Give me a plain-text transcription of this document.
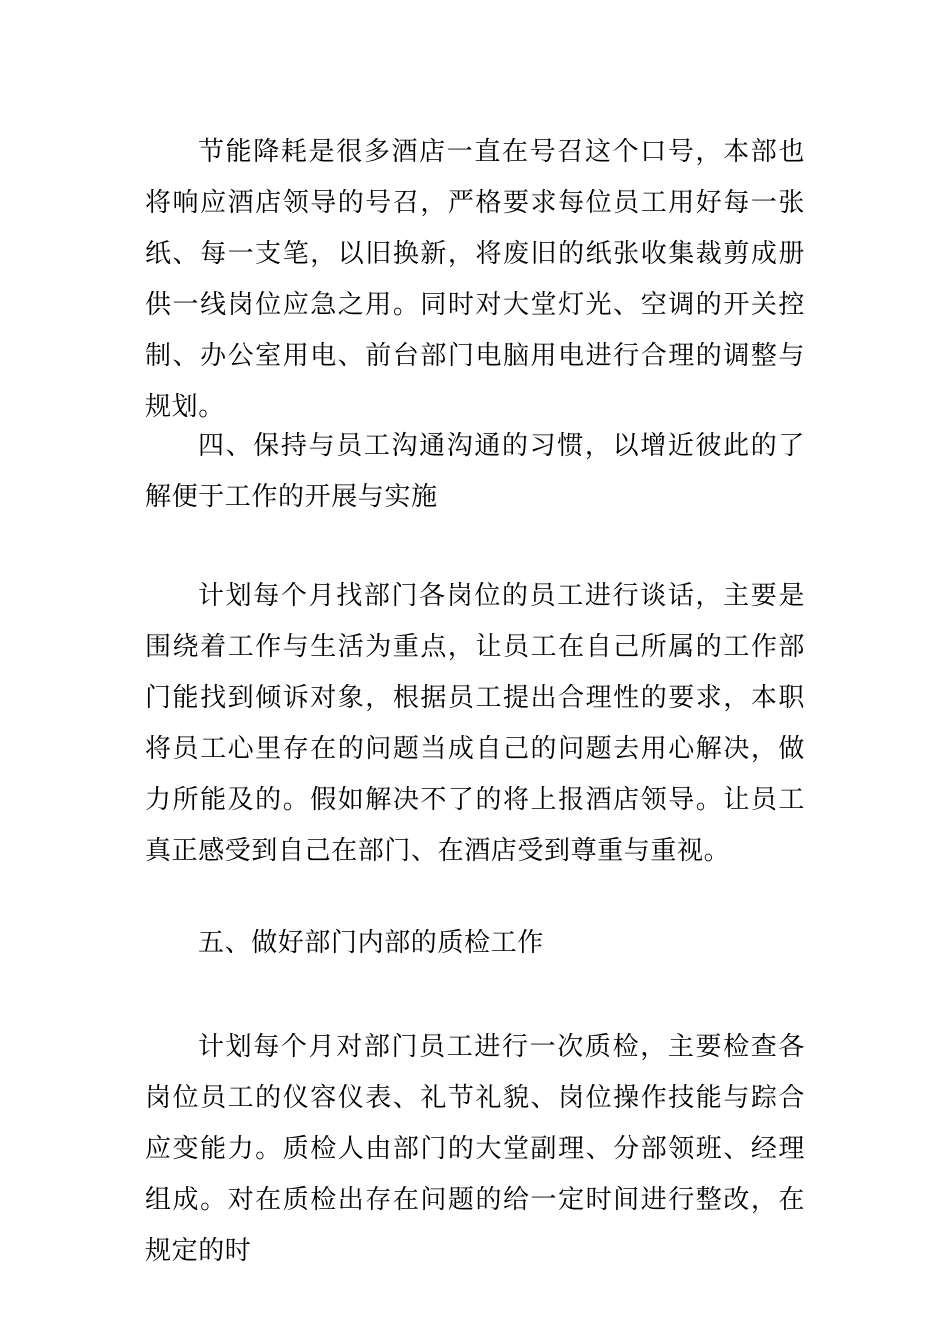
节能降耗是很多酒店一直在号召这个口号，本部也将响应酒店领导的号召，严格要求每位员工用好每一张纸、每一支笔，以旧换新，将废旧的纸张收集裁剪成册供一线岗位应急之用。同时对大堂灯光、空调的开关控制、办公室用电、前台部门电脑用电进行合理的调整与规划。

四、保持与员工沟通沟通的习惯，以增近彼此的了解便于工作的开展与实施

计划每个月找部门各岗位的员工进行谈话，主要是围绕着工作与生活为重点，让员工在自己所属的工作部门能找到倾诉对象，根据员工提出合理性的要求，本职将员工心里存在的问题当成自己的问题去用心解决，做力所能及的。假如解决不了的将上报酒店领导。让员工真正感受到自己在部门、在酒店受到尊重与重视。

五、做好部门内部的质检工作

计划每个月对部门员工进行一次质检，主要检查各岗位员工的仪容仪表、礼节礼貌、岗位操作技能与踪合应变能力。质检人由部门的大堂副理、分部领班、经理组成。对在质检出存在问题的给一定时间进行整改，在规定的时
